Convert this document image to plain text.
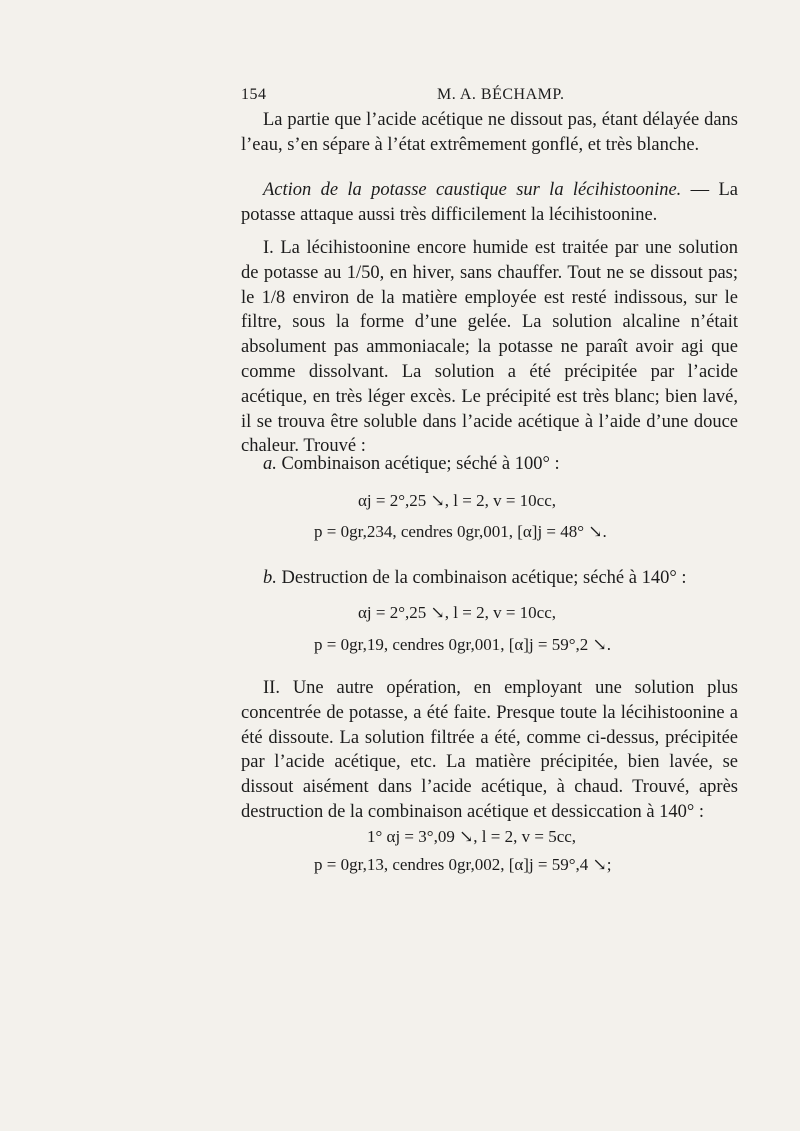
154	M. A. BÉCHAMP.

La partie que l’acide acétique ne dissout pas, étant délayée dans l’eau, s’en sépare à l’état extrêmement gonflé, et très blanche.

Action de la potasse caustique sur la lécihistoonine. — La potasse attaque aussi très difficilement la lécihistoonine.

I. La lécihistoonine encore humide est traitée par une solution de potasse au 1/50, en hiver, sans chauffer. Tout ne se dissout pas; le 1/8 environ de la matière employée est resté indissous, sur le filtre, sous la forme d’une gelée. La solution alcaline n’était absolument pas ammoniacale; la potasse ne paraît avoir agi que comme dissolvant. La solution a été précipitée par l’acide acétique, en très léger excès. Le précipité est très blanc; bien lavé, il se trouva être soluble dans l’acide acétique à l’aide d’une douce chaleur. Trouvé :

a. Combinaison acétique; séché à 100° :

αj = 2°,25 ↘, l = 2, v = 10cc,
p = 0gr,234, cendres 0gr,001, [α]j = 48° ↘.

b. Destruction de la combinaison acétique; séché à 140° :

αj = 2°,25 ↘, l = 2, v = 10cc,
p = 0gr,19, cendres 0gr,001, [α]j = 59°,2 ↘.

II. Une autre opération, en employant une solution plus concentrée de potasse, a été faite. Presque toute la lécihistoonine a été dissoute. La solution filtrée a été, comme ci-dessus, précipitée par l’acide acétique, etc. La matière précipitée, bien lavée, se dissout aisément dans l’acide acétique, à chaud. Trouvé, après destruction de la combinaison acétique et dessiccation à 140° :

1° αj = 3°,09 ↘, l = 2, v = 5cc,
p = 0gr,13, cendres 0gr,002, [α]j = 59°,4 ↘;
